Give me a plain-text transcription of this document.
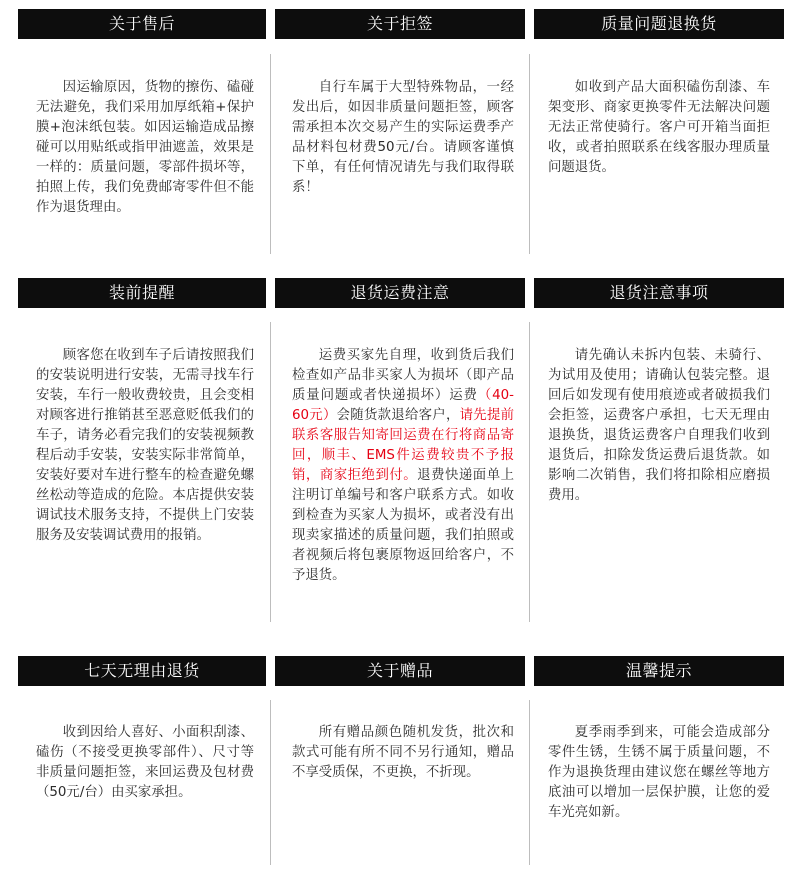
关于售后	关于拒签	质量问题退换货
因运输原因，货物的擦伤、磕碰无法避免，我们采用加厚纸箱+保护膜+泡沫纸包装。如因运输造成品擦碰可以用贴纸或指甲油遮盖，效果是一样的：质量问题，零部件损坏等，拍照上传，我们免费邮寄零件但不能作为退货理由。
自行车属于大型特殊物品，一经发出后，如因非质量问题拒签，顾客需承担本次交易产生的实际运费季产品材料包材费50元/台。请顾客谨慎下单，有任何情况请先与我们取得联系！
如收到产品大面积磕伤刮漆、车架变形、商家更换零件无法解决问题无法正常使骑行。客户可开箱当面拒收，或者拍照联系在线客服办理质量问题退货。
装前提醒	退货运费注意	退货注意事项
顾客您在收到车子后请按照我们的安装说明进行安装，无需寻找车行安装，车行一般收费较贵，且会变相对顾客进行推销甚至恶意贬低我们的车子，请务必看完我们的安装视频教程后动手安装，安装实际非常简单，安装好要对车进行整车的检查避免螺丝松动等造成的危险。本店提供安装调试技术服务支持，不提供上门安装服务及安装调试费用的报销。
运费买家先自理，收到货后我们检查如产品非买家人为损坏（即产品质量问题或者快递损坏）运费（40-60元）会随货款退给客户，请先提前联系客服告知寄回运费在行将商品寄回，顺丰、EMS件运费较贵不予报销，商家拒绝到付。退费快递面单上注明订单编号和客户联系方式。如收到检查为买家人为损坏，或者没有出现卖家描述的质量问题，我们拍照或者视频后将包裹原物返回给客户，不予退货。
请先确认未拆内包装、未骑行、为试用及使用；请确认包装完整。退回后如发现有使用痕迹或者破损我们会拒签，运费客户承担，七天无理由退换货，退货运费客户自理我们收到退货后，扣除发货运费后退货款。如影响二次销售，我们将扣除相应磨损费用。
七天无理由退货	关于赠品	温馨提示
收到因给人喜好、小面积刮漆、磕伤（不接受更换零部件）、尺寸等非质量问题拒签，来回运费及包材费（50元/台）由买家承担。
所有赠品颜色随机发货，批次和款式可能有所不同不另行通知，赠品不享受质保，不更换，不折现。
夏季雨季到来，可能会造成部分零件生锈，生锈不属于质量问题，不作为退换货理由建议您在螺丝等地方底油可以增加一层保护膜，让您的爱车光亮如新。
